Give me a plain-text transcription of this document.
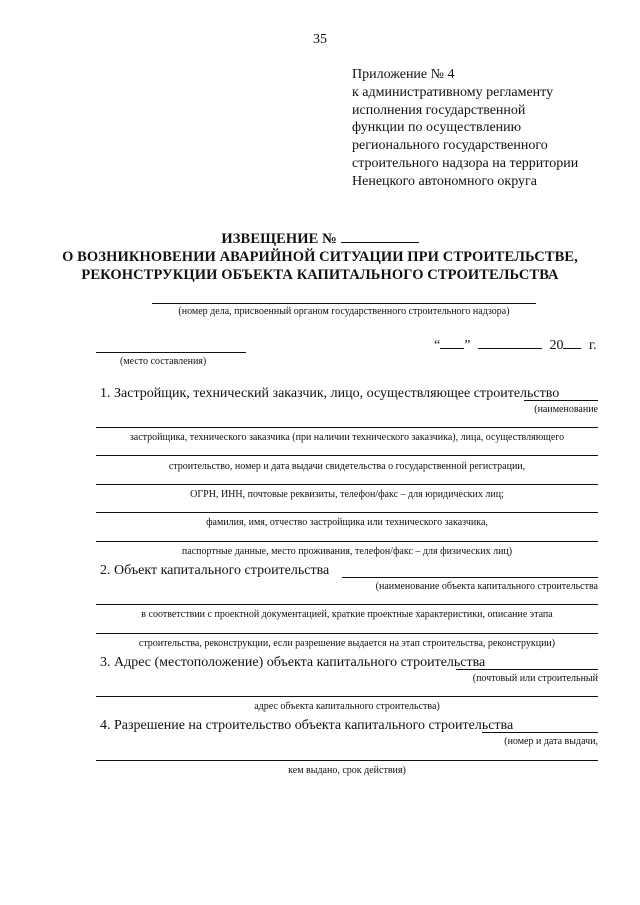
35
Приложение № 4
к административному регламенту
исполнения государственной
функции по осуществлению
регионального государственного
строительного надзора на территории
Ненецкого автономного округа
ИЗВЕЩЕНИЕ №
О ВОЗНИКНОВЕНИИ АВАРИЙНОЙ СИТУАЦИИ ПРИ СТРОИТЕЛЬСТВЕ,
РЕКОНСТРУКЦИИ ОБЪЕКТА КАПИТАЛЬНОГО СТРОИТЕЛЬСТВА
(номер дела, присвоенный органом государственного строительного надзора)
(место составления)
“ ”	20 г.
1. Застройщик, технический заказчик, лицо, осуществляющее строительство
(наименование
застройщика, технического заказчика (при наличии технического заказчика), лица, осуществляющего
строительство, номер и дата выдачи свидетельства о государственной регистрации,
ОГРН, ИНН, почтовые реквизиты, телефон/факс – для юридических лиц;
фамилия, имя, отчество застройщика или технического заказчика,
паспортные данные, место проживания, телефон/факс – для физических лиц)
2. Объект капитального строительства
(наименование объекта капитального строительства
в соответствии с проектной документацией, краткие проектные характеристики, описание этапа
строительства, реконструкции, если разрешение выдается на этап строительства, реконструкции)
3. Адрес (местоположение) объекта капитального строительства
(почтовый или строительный
адрес объекта капитального строительства)
4. Разрешение на строительство объекта капитального строительства
(номер и дата выдачи,
кем выдано, срок действия)
